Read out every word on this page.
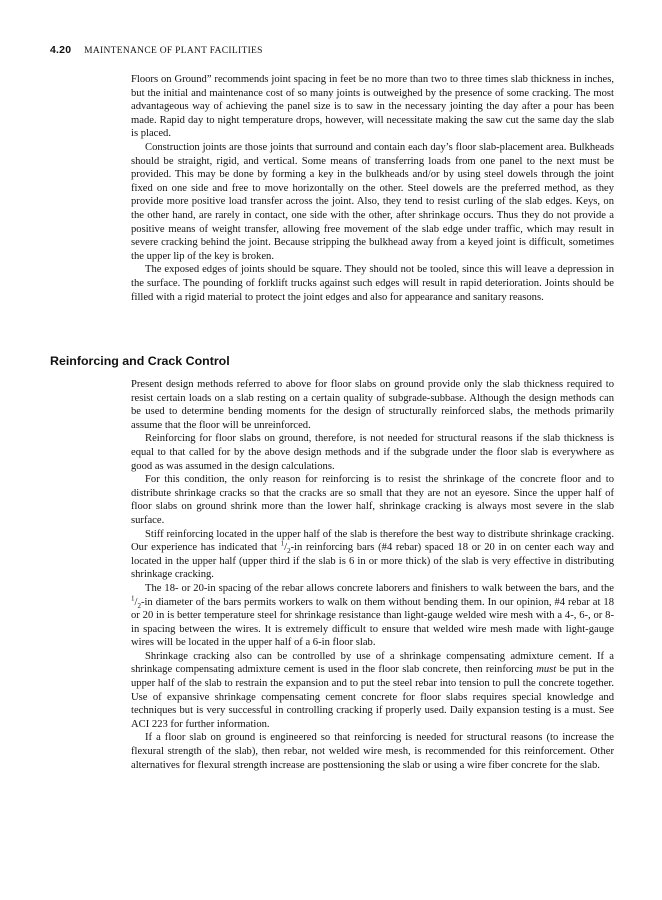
4.20 MAINTENANCE OF PLANT FACILITIES

Floors on Ground” recommends joint spacing in feet be no more than two to three times slab thickness in inches, but the initial and maintenance cost of so many joints is outweighed by the presence of some cracking. The most advantageous way of achieving the panel size is to saw in the necessary jointing the day after a pour has been made. Rapid day to night temperature drops, however, will necessitate making the saw cut the same day the slab is placed.

Construction joints are those joints that surround and contain each day’s floor slab-placement area. Bulkheads should be straight, rigid, and vertical. Some means of transferring loads from one panel to the next must be provided. This may be done by forming a key in the bulkheads and/or by using steel dowels through the joint fixed on one side and free to move horizontally on the other. Steel dowels are the preferred method, as they provide more positive load transfer across the joint. Also, they tend to resist curling of the slab edges. Keys, on the other hand, are rarely in contact, one side with the other, after shrinkage occurs. Thus they do not provide a positive means of weight transfer, allowing free movement of the slab edge under traffic, which may result in severe cracking behind the joint. Because stripping the bulkhead away from a keyed joint is difficult, sometimes the upper lip of the key is broken.

The exposed edges of joints should be square. They should not be tooled, since this will leave a depression in the surface. The pounding of forklift trucks against such edges will result in rapid deterioration. Joints should be filled with a rigid material to protect the joint edges and also for appearance and sanitary reasons.

Reinforcing and Crack Control

Present design methods referred to above for floor slabs on ground provide only the slab thickness required to resist certain loads on a slab resting on a certain quality of subgrade-subbase. Although the design methods can be used to determine bending moments for the design of structurally reinforced slabs, the methods primarily assume that the floor will be unreinforced.

Reinforcing for floor slabs on ground, therefore, is not needed for structural reasons if the slab thickness is equal to that called for by the above design methods and if the subgrade under the floor slab is everywhere as good as was assumed in the design calculations.

For this condition, the only reason for reinforcing is to resist the shrinkage of the concrete floor and to distribute shrinkage cracks so that the cracks are so small that they are not an eyesore. Since the upper half of floor slabs on ground shrink more than the lower half, shrinkage cracking is always most severe in the slab surface.

Stiff reinforcing located in the upper half of the slab is therefore the best way to distribute shrinkage cracking. Our experience has indicated that $^1/_2-in$ reinforcing bars (#4 rebar) spaced 18 or 20 in on center each way and located in the upper half (upper third if the slab is 6 in or more thick) of the slab is very effective in distributing shrinkage cracking.

The 18- or 20-in spacing of the rebar allows concrete laborers and finishers to walk between the bars, and the $^1/_2-in$ diameter of the bars permits workers to walk on them without bending them. In our opinion, #4 rebar at 18 or 20 in is better temperature steel for shrinkage resistance than light-gauge welded wire mesh with a 4-, 6-, or 8-in spacing between the wires. It is extremely difficult to ensure that welded wire mesh made with light-gauge wires will be located in the upper half of a 6-in floor slab.

Shrinkage cracking also can be controlled by use of a shrinkage compensating admixture cement. If a shrinkage compensating admixture cement is used in the floor slab concrete, then reinforcing must be put in the upper half of the slab to restrain the expansion and to put the steel rebar into tension to pull the concrete together. Use of expansive shrinkage compensating cement concrete for floor slabs requires special knowledge and techniques but is very successful in controlling cracking if properly used. Daily expansion testing is a must. See ACI 223 for further information.

If a floor slab on ground is engineered so that reinforcing is needed for structural reasons (to increase the flexural strength of the slab), then rebar, not welded wire mesh, is recommended for this reinforcement. Other alternatives for flexural strength increase are posttensioning the slab or using a wire fiber concrete for the slab.
